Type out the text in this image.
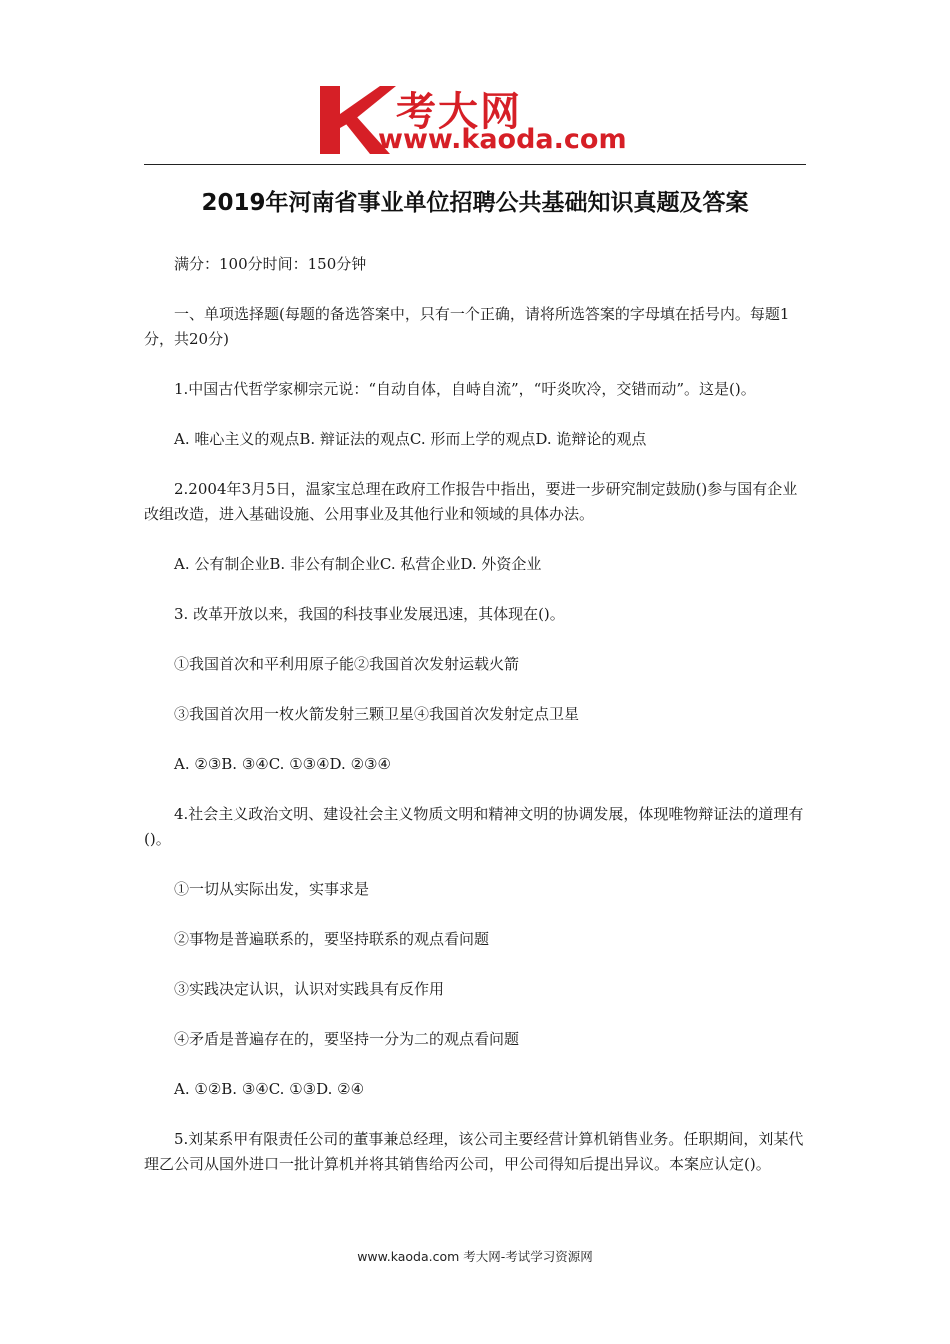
考大网
www.kaoda.com
2019年河南省事业单位招聘公共基础知识真题及答案

满分：100分时间：150分钟

一、单项选择题(每题的备选答案中，只有一个正确，请将所选答案的字母填在括号内。每题1分，共20分)

1.中国古代哲学家柳宗元说：“自动自体，自峙自流”，“吁炎吹冷，交错而动”。这是()。

A. 唯心主义的观点B. 辩证法的观点C. 形而上学的观点D. 诡辩论的观点

2.2004年3月5日，温家宝总理在政府工作报告中指出，要进一步研究制定鼓励()参与国有企业改组改造，进入基础设施、公用事业及其他行业和领域的具体办法。

A. 公有制企业B. 非公有制企业C. 私营企业D. 外资企业

3. 改革开放以来，我国的科技事业发展迅速，其体现在()。

①我国首次和平利用原子能②我国首次发射运载火箭

③我国首次用一枚火箭发射三颗卫星④我国首次发射定点卫星

A. ②③B. ③④C. ①③④D. ②③④

4.社会主义政治文明、建设社会主义物质文明和精神文明的协调发展，体现唯物辩证法的道理有()。

①一切从实际出发，实事求是

②事物是普遍联系的，要坚持联系的观点看问题

③实践决定认识，认识对实践具有反作用

④矛盾是普遍存在的，要坚持一分为二的观点看问题

A. ①②B. ③④C. ①③D. ②④

5.刘某系甲有限责任公司的董事兼总经理，该公司主要经营计算机销售业务。任职期间，刘某代理乙公司从国外进口一批计算机并将其销售给丙公司，甲公司得知后提出异议。本案应认定()。

www.kaoda.com 考大网-考试学习资源网
